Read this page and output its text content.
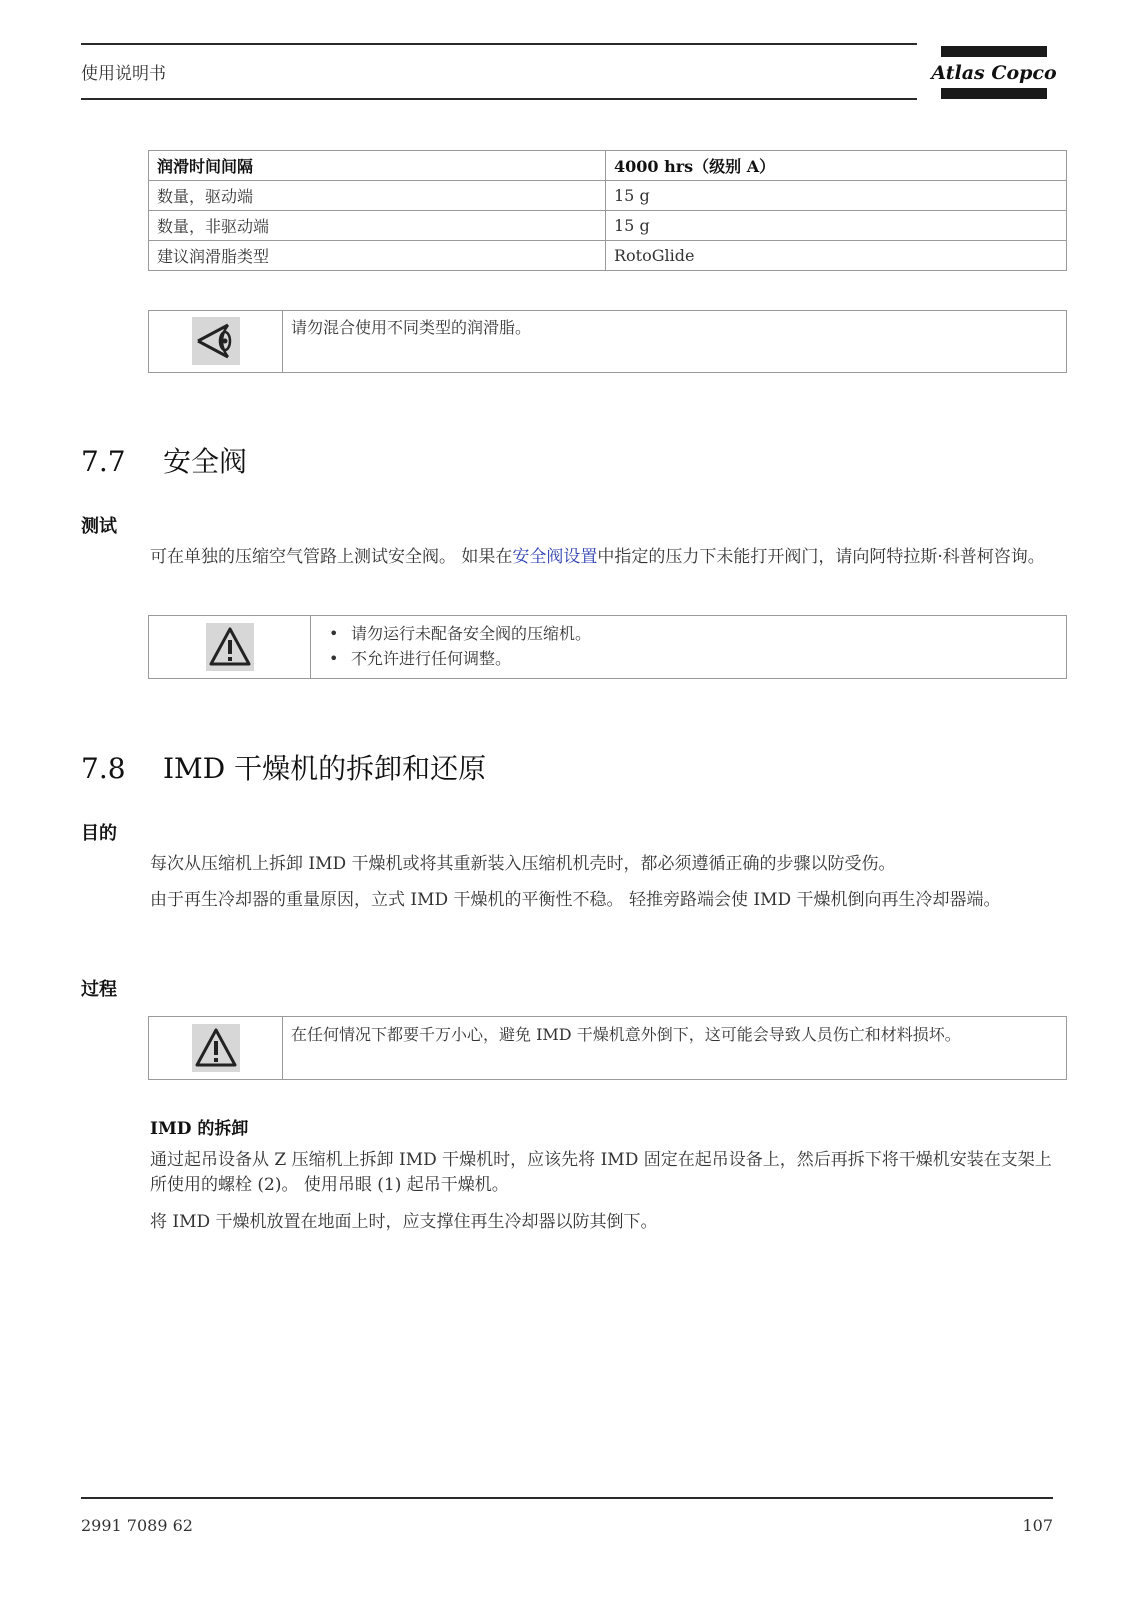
使用说明书	Atlas Copco
润滑时间间隔	4000 hrs（级别 A）
数量，驱动端	15 g
数量，非驱动端	15 g
建议润滑脂类型	RotoGlide
请勿混合使用不同类型的润滑脂。
7.7 安全阀
测试
可在单独的压缩空气管路上测试安全阀。 如果在安全阀设置中指定的压力下未能打开阀门，请向阿特拉斯·科普柯咨询。
• 请勿运行未配备安全阀的压缩机。
• 不允许进行任何调整。
7.8 IMD 干燥机的拆卸和还原
目的
每次从压缩机上拆卸 IMD 干燥机或将其重新装入压缩机机壳时，都必须遵循正确的步骤以防受伤。
由于再生冷却器的重量原因，立式 IMD 干燥机的平衡性不稳。 轻推旁路端会使 IMD 干燥机倒向再生冷却器端。
过程
在任何情况下都要千万小心，避免 IMD 干燥机意外倒下，这可能会导致人员伤亡和材料损坏。
IMD 的拆卸
通过起吊设备从 Z 压缩机上拆卸 IMD 干燥机时，应该先将 IMD 固定在起吊设备上，然后再拆下将干燥机安装在支架上所使用的螺栓 (2)。 使用吊眼 (1) 起吊干燥机。
将 IMD 干燥机放置在地面上时，应支撑住再生冷却器以防其倒下。
2991 7089 62	107
